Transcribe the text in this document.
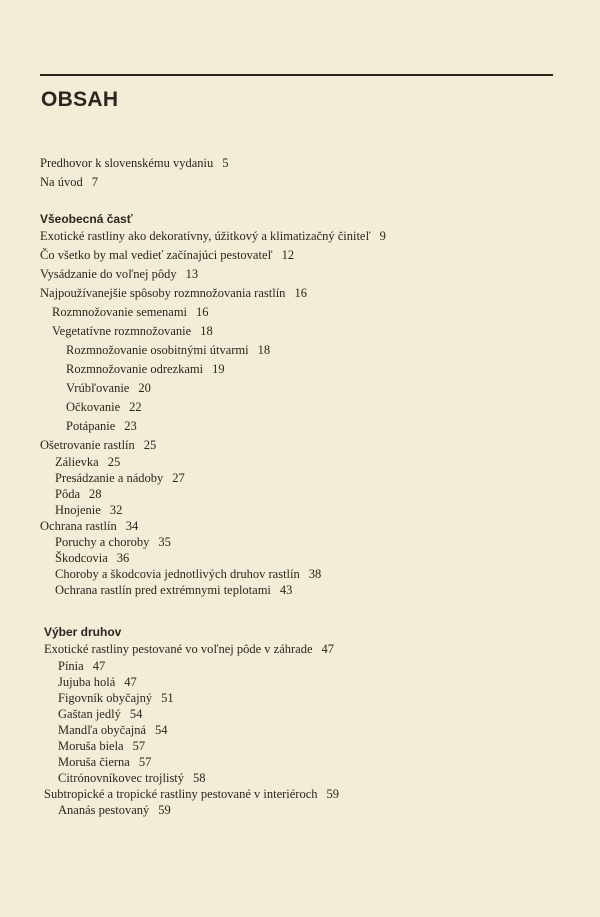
OBSAH
Predhovor k slovenskému vydaniu 5
Na úvod 7
Všeobecná časť
Exotické rastliny ako dekoratívny, úžitkový a klimatizačný činiteľ 9
Čo všetko by mal vedieť začínajúci pestovateľ 12
Vysádzanie do voľnej pôdy 13
Najpoužívanejšie spôsoby rozmnožovania rastlín 16
Rozmnožovanie semenami 16
Vegetatívne rozmnožovanie 18
Rozmnožovanie osobitnými útvarmi 18
Rozmnožovanie odrezkami 19
Vrúbľovanie 20
Očkovanie 22
Potápanie 23
Ošetrovanie rastlín 25
Zálievka 25
Presádzanie a nádoby 27
Pôda 28
Hnojenie 32
Ochrana rastlín 34
Poruchy a choroby 35
Škodcovia 36
Choroby a škodcovia jednotlivých druhov rastlín 38
Ochrana rastlín pred extrémnymi teplotami 43
Výber druhov
Exotické rastliny pestované vo voľnej pôde v záhrade 47
Pínia 47
Jujuba holá 47
Figovník obyčajný 51
Gaštan jedlý 54
Mandľa obyčajná 54
Moruša biela 57
Moruša čierna 57
Citrónovníkovec trojlistý 58
Subtropické a tropické rastliny pestované v interiéroch 59
Ananás pestovaný 59
